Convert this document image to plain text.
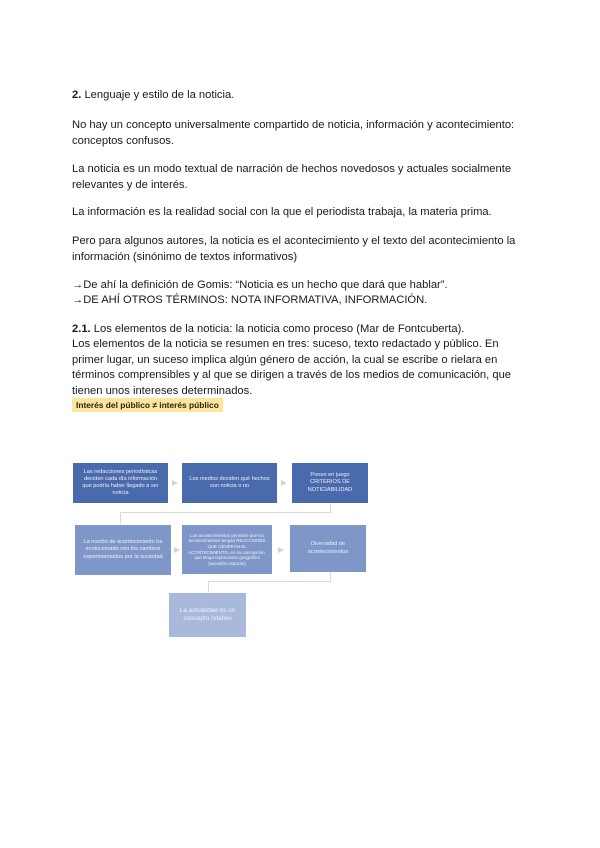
2. Lenguaje y estilo de la noticia.

No hay un concepto universalmente compartido de noticia, información y acontecimiento: conceptos confusos.

La noticia es un modo textual de narración de hechos novedosos y actuales socialmente relevantes y de interés.

La información es la realidad social con la que el periodista trabaja, la materia prima.

Pero para algunos autores, la noticia es el acontecimiento y el texto del acontecimiento la información (sinónimo de textos informativos)

→De ahí la definición de Gomis: “Noticia es un hecho que dará que hablar”.

→DE AHÍ OTROS TÉRMINOS: NOTA INFORMATIVA, INFORMACIÓN.

2.1. Los elementos de la noticia: la noticia como proceso (Mar de Fontcuberta).

Los elementos de la noticia se resumen en tres: suceso, texto redactado y público. En primer lugar, un suceso implica algún género de acción, la cual se escribe o rielara en términos comprensibles y al que se dirigen a través de los medios de comunicación, que tienen unos intereses determinados.

Interés del público ≠ interés público
Las redacciones periodísticas deciden cada día información que podría haber llegado a ser noticia
Los medios deciden qué hechos son noticia o no
Ponen en juego CRITERIOS DE NOTICIABILIDAD
La noción de acontecimiento ha evolucionado con los cambios experimentados por la sociedad
Los acontecimientos permiten que los acontecimientos tengan REACCIONES QUE GENERAN EL ACONTECIMIENTO, en su concepción, que tenga repercusión geográfica (sucesión espacial)
Diversidad de acontecimientos
La actualidad es un concepto relativo
